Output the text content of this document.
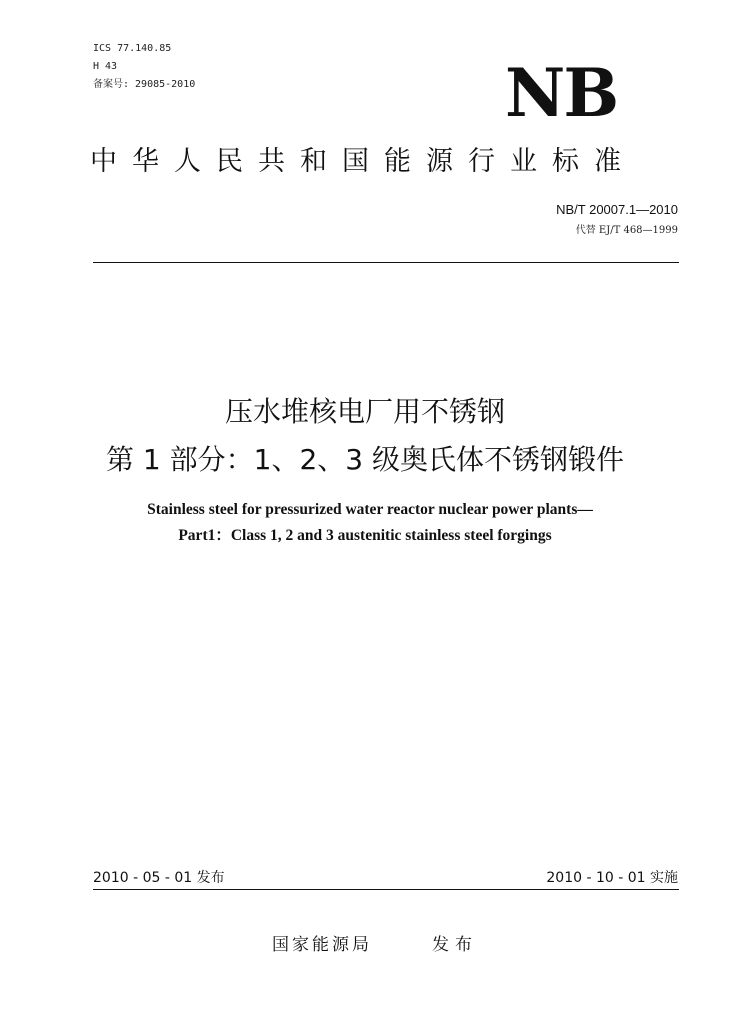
ICS 77.140.85
H 43
备案号: 29085-2010	NB
中华人民共和国能源行业标准
NB/T 20007.1—2010
代替 EJ/T 468—1999
压水堆核电厂用不锈钢
第 1 部分：1、2、3 级奥氏体不锈钢锻件
Stainless steel for pressurized water reactor nuclear power plants—
Part1：Class 1, 2 and 3 austenitic stainless steel forgings
2010 - 05 - 01 发布	2010 - 10 - 01 实施
国家能源局	发布
